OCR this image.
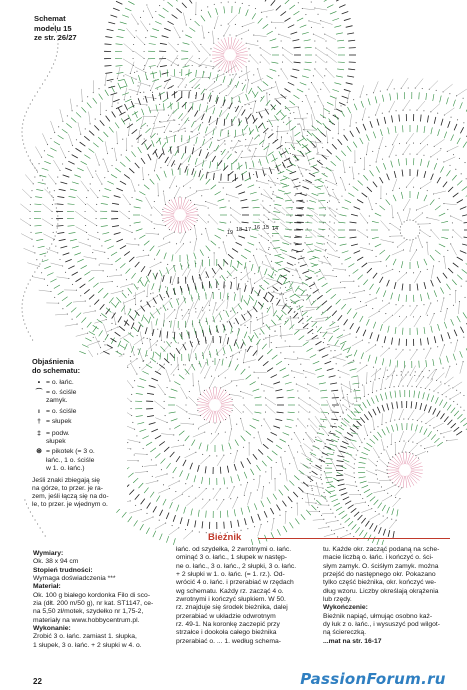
Schemat
modelu 15
ze str. 26/27
19 18 17 16 15 14
Objaśnienia
do schematu:
• = o. łańc.
⌒ = o. ściśle
zamyk.
ı = o. ściśle
† = słupek
‡ = podw.
słupek
⊛ = pikotek (= 3 o.
łańc., 1 o. ściśle
w 1. o. łańc.)
Jeśli znaki zbiegają się
na górze, to przer. je ra-
zem, jeśli łączą się na do-
le, to przer. je wjednym o.
Bieżnik
Wymiary:
Ok. 38 x 94 cm
Stopień trudności:
Wymaga doświadczenia ***
Materiał:
Ok. 100 g białego kordonka Filo di sco-
zia (dłt. 200 m/50 g), nr kat. ST1147, ce-
na 5,50 zł/motek, szydełko nr 1,75-2,
materiały na www.hobbycentrum.pl.
Wykonanie:
Zrobić 3 o. łańc. zamiast 1. słupka,
1 słupek, 3 o. łańc. + 2 słupki w 4. o.
łańc. od szydełka, 2 zwrotnymi o. łańc.
ominąć 3 o. łańc., 1 słupek w następ-
ne o. łańc., 3 o. łańc., 2 słupki, 3 o. łańc.
+ 2 słupki w 1. o. łańc. (= 1. rz.). Od-
wrócić 4 o. łańc. i przerabiać w rzędach
wg schematu. Każdy rz. zacząć 4 o.
zwrotnymi i kończyć słupkiem. W 50.
rz. znajduje się środek bieżnika, dalej
przerabiać w układzie odwrotnym
rz. 49-1. Na koronkę zaczepić przy
strzałce i dookoła całego bieżnika
przerabiać o. ... 1. według schema-
tu. Każde okr. zacząć podaną na sche-
macie liczbą o. łańc. i kończyć o. ści-
słym zamyk. O. ściśłym zamyk. można
przejść do następnego okr. Pokazano
tylko część bieżnika, okr. kończyć we-
dług wzoru. Liczby określają okrążenia
lub rzędy.
Wykończenie:
Bieżnik napiąć, ułmując osobno każ-
dy łuk z o. łańc., i wysuszyć pod wilgot-
ną ściereczką.
...mat na str. 16-17
22	PassionForum.ru
